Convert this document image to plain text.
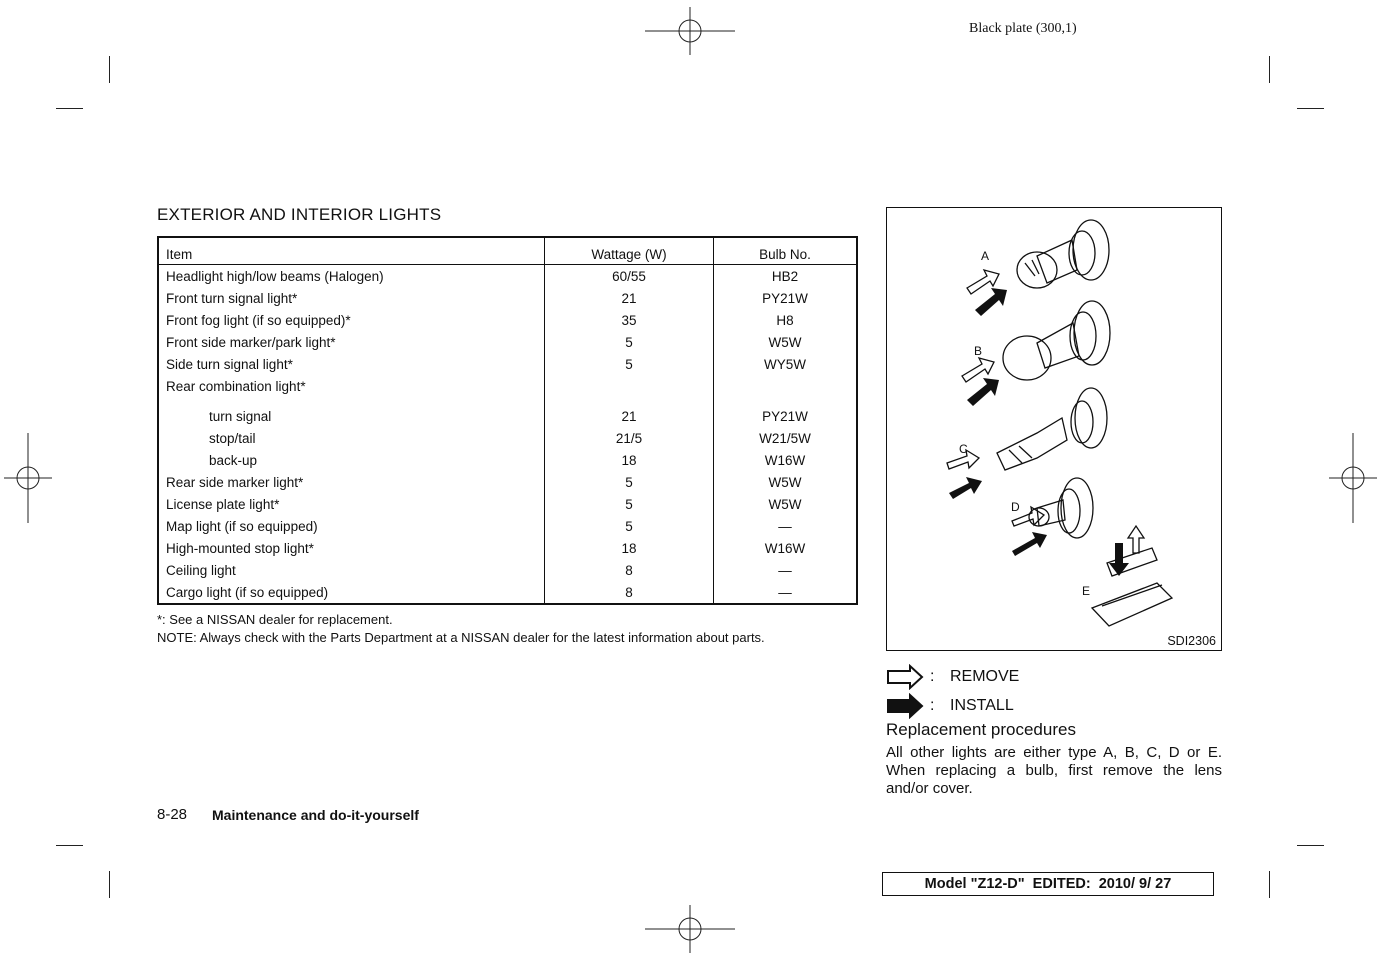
Black plate (300,1)
EXTERIOR AND INTERIOR LIGHTS
Item	Wattage (W)	Bulb No.
Headlight high/low beams (Halogen)	60/55	HB2
Front turn signal light*	21	PY21W
Front fog light (if so equipped)*	35	H8
Front side marker/park light*	5	W5W
Side turn signal light*	5	WY5W
Rear combination light*		

turn signal	21	PY21W
stop/tail	21/5	W21/5W
back-up	18	W16W
Rear side marker light*	5	W5W
License plate light*	5	W5W
Map light (if so equipped)	5	—
High-mounted stop light*	18	W16W
Ceiling light	8	—
Cargo light (if so equipped)	8	—
*: See a NISSAN dealer for replacement.
NOTE: Always check with the Parts Department at a NISSAN dealer for the latest information about parts.
A
B
C
D
E
SDI2306
: REMOVE
: INSTALL
Replacement procedures
All other lights are either type A, B, C, D or E. When replacing a bulb, first remove the lens and/or cover.
8-28 Maintenance and do-it-yourself
Model "Z12-D"  EDITED:  2010/ 9/ 27
